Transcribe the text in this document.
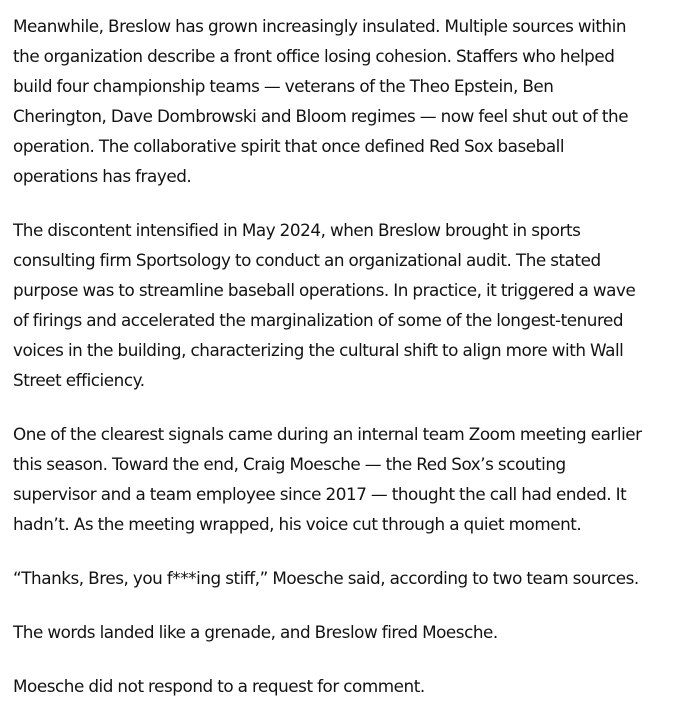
Meanwhile, Breslow has grown increasingly insulated. Multiple sources within
the organization describe a front office losing cohesion. Staffers who helped
build four championship teams — veterans of the Theo Epstein, Ben
Cherington, Dave Dombrowski and Bloom regimes — now feel shut out of the
operation. The collaborative spirit that once defined Red Sox baseball
operations has frayed.

The discontent intensified in May 2024, when Breslow brought in sports
consulting firm Sportsology to conduct an organizational audit. The stated
purpose was to streamline baseball operations. In practice, it triggered a wave
of firings and accelerated the marginalization of some of the longest-tenured
voices in the building, characterizing the cultural shift to align more with Wall
Street efficiency.

One of the clearest signals came during an internal team Zoom meeting earlier
this season. Toward the end, Craig Moesche — the Red Sox’s scouting
supervisor and a team employee since 2017 — thought the call had ended. It
hadn’t. As the meeting wrapped, his voice cut through a quiet moment.

“Thanks, Bres, you f***ing stiff,” Moesche said, according to two team sources.

The words landed like a grenade, and Breslow fired Moesche.

Moesche did not respond to a request for comment.
